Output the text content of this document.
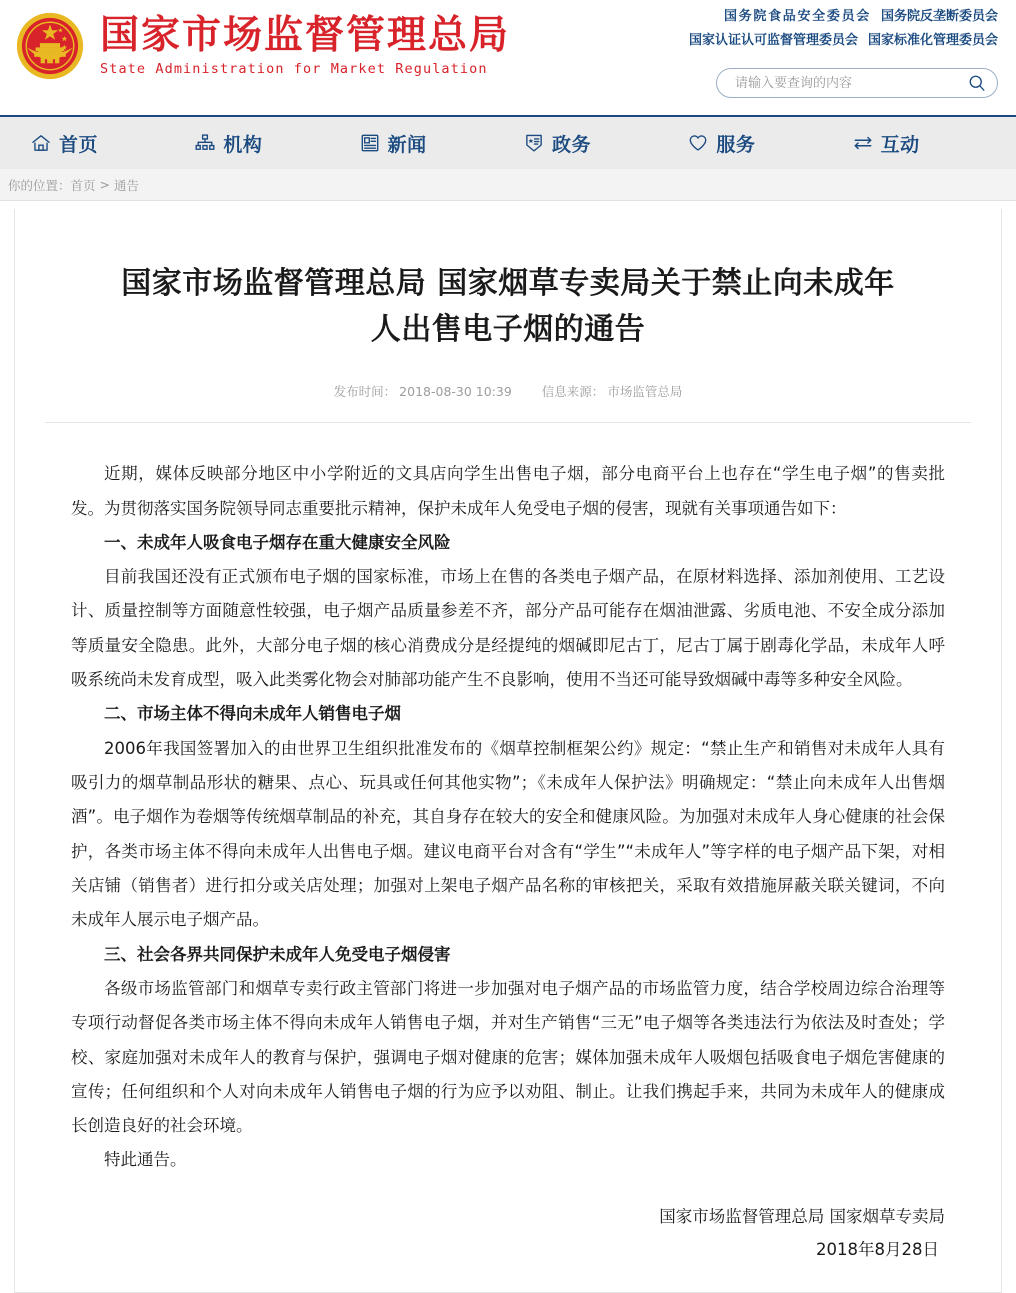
国家市场监督管理总局
State Administration for Market Regulation
国务院食品安全委员会 国务院反垄断委员会
国家认证认可监督管理委员会 国家标准化管理委员会
请输入要查询的内容
首页	机构	新闻	政务	服务	互动
你的位置： 首页 > 通告
国家市场监督管理总局 国家烟草专卖局关于禁止向未成年人出售电子烟的通告
发布时间： 2018-08-30 10:39 信息来源： 市场监管总局

近期，媒体反映部分地区中小学附近的文具店向学生出售电子烟，部分电商平台上也存在“学生电子烟”的售卖批发。为贯彻落实国务院领导同志重要批示精神，保护未成年人免受电子烟的侵害，现就有关事项通告如下：

一、未成年人吸食电子烟存在重大健康安全风险

目前我国还没有正式颁布电子烟的国家标准，市场上在售的各类电子烟产品，在原材料选择、添加剂使用、工艺设计、质量控制等方面随意性较强，电子烟产品质量参差不齐，部分产品可能存在烟油泄露、劣质电池、不安全成分添加等质量安全隐患。此外，大部分电子烟的核心消费成分是经提纯的烟碱即尼古丁，尼古丁属于剧毒化学品，未成年人呼吸系统尚未发育成型，吸入此类雾化物会对肺部功能产生不良影响，使用不当还可能导致烟碱中毒等多种安全风险。

二、市场主体不得向未成年人销售电子烟

2006年我国签署加入的由世界卫生组织批准发布的《烟草控制框架公约》规定：“禁止生产和销售对未成年人具有吸引力的烟草制品形状的糖果、点心、玩具或任何其他实物”；《未成年人保护法》明确规定：“禁止向未成年人出售烟酒”。电子烟作为卷烟等传统烟草制品的补充，其自身存在较大的安全和健康风险。为加强对未成年人身心健康的社会保护，各类市场主体不得向未成年人出售电子烟。建议电商平台对含有“学生”“未成年人”等字样的电子烟产品下架，对相关店铺（销售者）进行扣分或关店处理；加强对上架电子烟产品名称的审核把关，采取有效措施屏蔽关联关键词，不向未成年人展示电子烟产品。

三、社会各界共同保护未成年人免受电子烟侵害

各级市场监管部门和烟草专卖行政主管部门将进一步加强对电子烟产品的市场监管力度，结合学校周边综合治理等专项行动督促各类市场主体不得向未成年人销售电子烟，并对生产销售“三无”电子烟等各类违法行为依法及时查处；学校、家庭加强对未成年人的教育与保护，强调电子烟对健康的危害；媒体加强未成年人吸烟包括吸食电子烟危害健康的宣传；任何组织和个人对向未成年人销售电子烟的行为应予以劝阻、制止。让我们携起手来，共同为未成年人的健康成长创造良好的社会环境。

特此通告。

国家市场监督管理总局 国家烟草专卖局
2018年8月28日
